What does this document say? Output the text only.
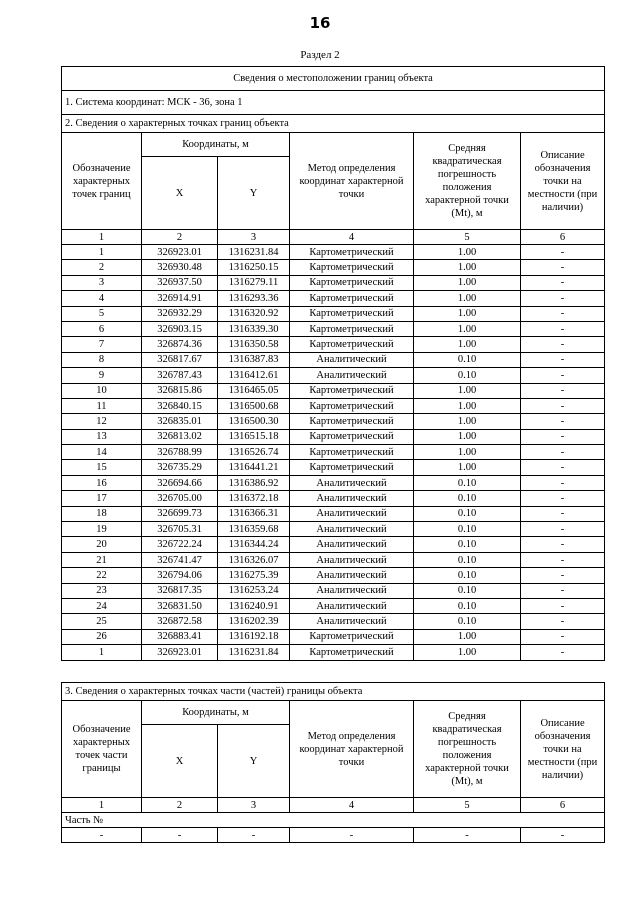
16
Раздел 2
Сведения о местоположении границ объекта					
1. Система координат: МСК - 36, зона 1					
2. Сведения о характерных точках границ объекта					
Обозначение характерных точек границ	Координаты, м		Метод определения координат характерной точки	Средняя квадратическая погрешность положения характерной точки (Mt), м	Описание обозначения точки на местности (при наличии)
	X	Y			
1	2	3	4	5	6
1	326923.01	1316231.84	Картометрический	1.00	-
2	326930.48	1316250.15	Картометрический	1.00	-
3	326937.50	1316279.11	Картометрический	1.00	-
4	326914.91	1316293.36	Картометрический	1.00	-
5	326932.29	1316320.92	Картометрический	1.00	-
6	326903.15	1316339.30	Картометрический	1.00	-
7	326874.36	1316350.58	Картометрический	1.00	-
8	326817.67	1316387.83	Аналитический	0.10	-
9	326787.43	1316412.61	Аналитический	0.10	-
10	326815.86	1316465.05	Картометрический	1.00	-
11	326840.15	1316500.68	Картометрический	1.00	-
12	326835.01	1316500.30	Картометрический	1.00	-
13	326813.02	1316515.18	Картометрический	1.00	-
14	326788.99	1316526.74	Картометрический	1.00	-
15	326735.29	1316441.21	Картометрический	1.00	-
16	326694.66	1316386.92	Аналитический	0.10	-
17	326705.00	1316372.18	Аналитический	0.10	-
18	326699.73	1316366.31	Аналитический	0.10	-
19	326705.31	1316359.68	Аналитический	0.10	-
20	326722.24	1316344.24	Аналитический	0.10	-
21	326741.47	1316326.07	Аналитический	0.10	-
22	326794.06	1316275.39	Аналитический	0.10	-
23	326817.35	1316253.24	Аналитический	0.10	-
24	326831.50	1316240.91	Аналитический	0.10	-
25	326872.58	1316202.39	Аналитический	0.10	-
26	326883.41	1316192.18	Картометрический	1.00	-
1	326923.01	1316231.84	Картометрический	1.00	-
3. Сведения о характерных точках части (частей) границы объекта					
Обозначение характерных точек части границы	Координаты, м		Метод определения координат характерной точки	Средняя квадратическая погрешность положения характерной точки (Mt), м	Описание обозначения точки на местности (при наличии)
	X	Y			
1	2	3	4	5	6
Часть №					
-	-	-	-	-	-
